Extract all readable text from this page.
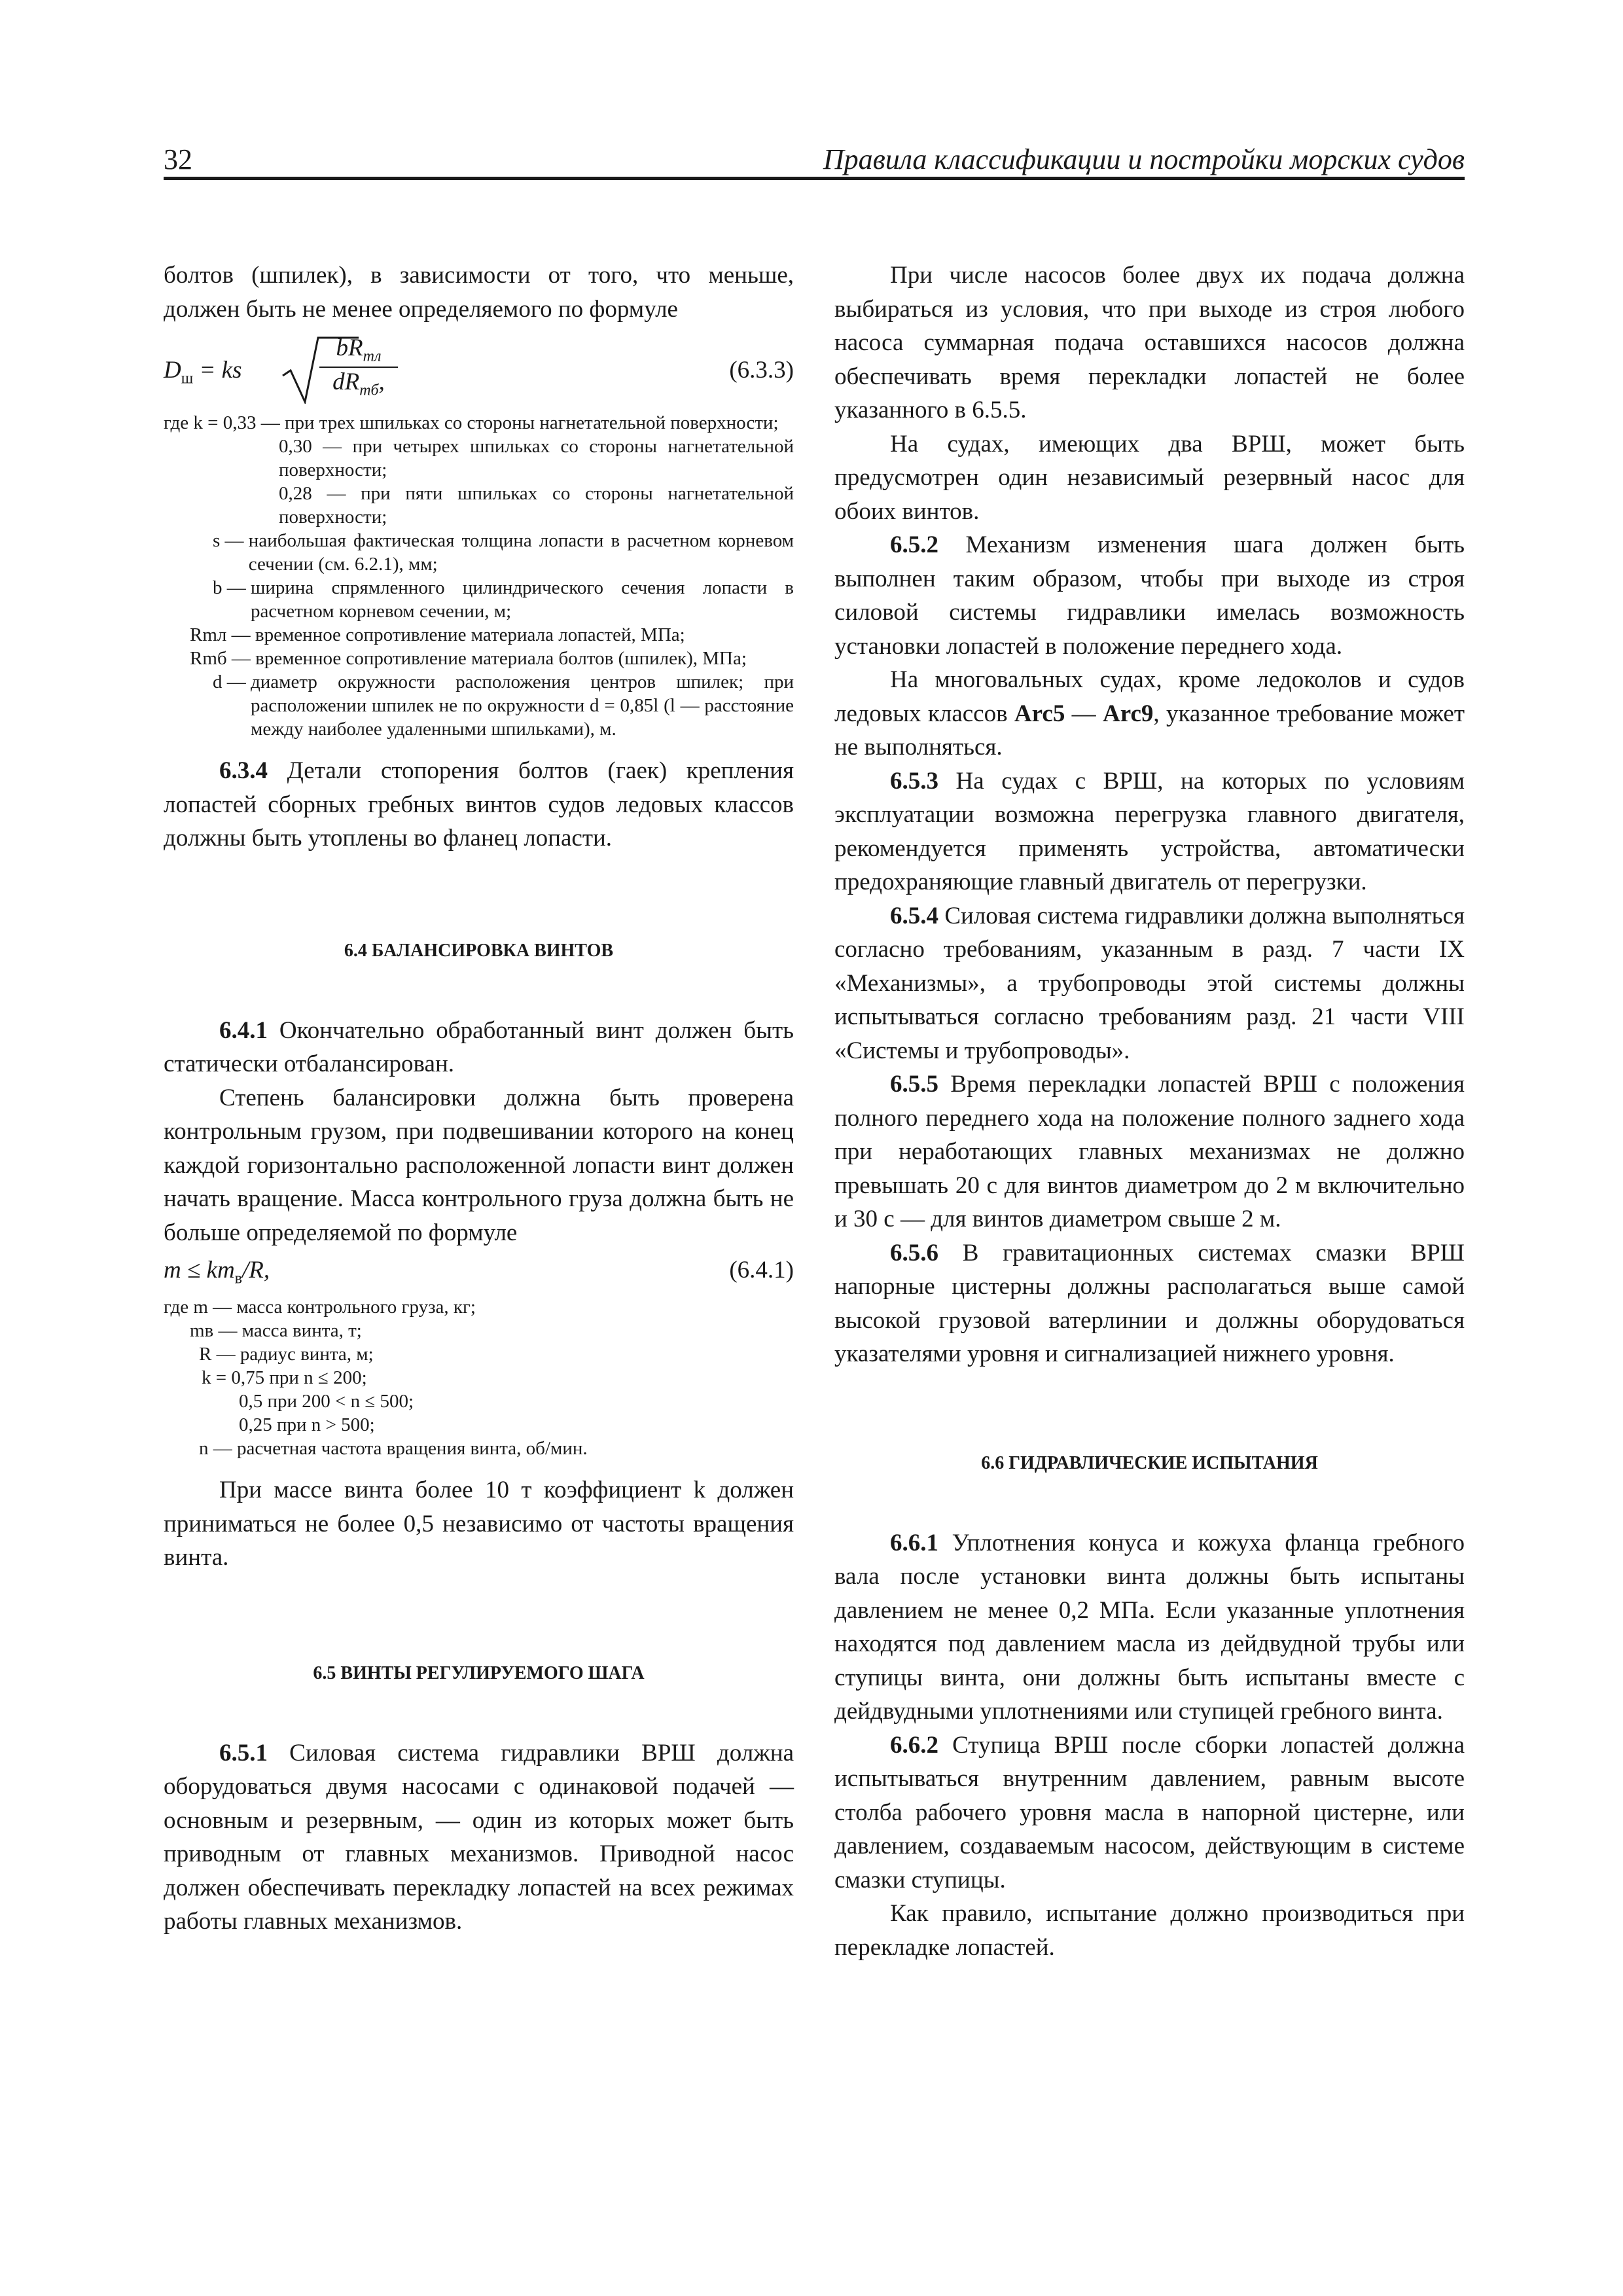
32	Правила классификации и постройки морских судов

болтов (шпилек), в зависимости от того, что меньше, должен быть не менее определяемого по формуле

$D_ш$ = ks
$bR_{mл}$
$dR_{mб}$,	(6.3.3)
где k = 0,33 — при трех шпильках со стороны нагнетательной поверхности;
0,30 — при четырех шпильках со стороны нагнетательной поверхности;
0,28 — при пяти шпильках со стороны нагнетательной поверхности;
s — наибольшая фактическая толщина лопасти в расчетном корневом сечении (см. 6.2.1), мм;
b — ширина спрямленного цилиндрического сечения лопасти в расчетном корневом сечении, м;
Rmл — временное сопротивление материала лопастей, МПа;
Rmб — временное сопротивление материала болтов (шпилек), МПа;
d — диаметр окружности расположения центров шпилек; при расположении шпилек не по окружности d = 0,85l (l — расстояние между наиболее удаленными шпильками), м.

6.3.4 Детали стопорения болтов (гаек) крепления лопастей сборных гребных винтов судов ледовых классов должны быть утоплены во фланец лопасти.

6.4 БАЛАНСИРОВКА ВИНТОВ

6.4.1 Окончательно обработанный винт должен быть статически отбалансирован.

Степень балансировки должна быть проверена контрольным грузом, при подвешивании которого на конец каждой горизонтально расположенной лопасти винт должен начать вращение. Масса контрольного груза должна быть не больше определяемой по формуле

$m \le km_в/R$,	(6.4.1)
где m — масса контрольного груза, кг;
mв — масса винта, т;
R — радиус винта, м;
k = 0,75 при n ≤ 200;
0,5 при 200 < n ≤ 500;
0,25 при n > 500;
n — расчетная частота вращения винта, об/мин.

При массе винта более 10 т коэффициент k должен приниматься не более 0,5 независимо от частоты вращения винта.

6.5 ВИНТЫ РЕГУЛИРУЕМОГО ШАГА

6.5.1 Силовая система гидравлики ВРШ должна оборудоваться двумя насосами с одинаковой подачей — основным и резервным, — один из которых может быть приводным от главных механизмов. Приводной насос должен обеспечивать перекладку лопастей на всех режимах работы главных механизмов.

При числе насосов более двух их подача должна выбираться из условия, что при выходе из строя любого насоса суммарная подача оставшихся насосов должна обеспечивать время перекладки лопастей не более указанного в 6.5.5.

На судах, имеющих два ВРШ, может быть предусмотрен один независимый резервный насос для обоих винтов.

6.5.2 Механизм изменения шага должен быть выполнен таким образом, чтобы при выходе из строя силовой системы гидравлики имелась возможность установки лопастей в положение переднего хода.

На многовальных судах, кроме ледоколов и судов ледовых классов Arc5 — Arc9, указанное требование может не выполняться.

6.5.3 На судах с ВРШ, на которых по условиям эксплуатации возможна перегрузка главного двигателя, рекомендуется применять устройства, автоматически предохраняющие главный двигатель от перегрузки.

6.5.4 Силовая система гидравлики должна выполняться согласно требованиям, указанным в разд. 7 части IX «Механизмы», а трубопроводы этой системы должны испытываться согласно требованиям разд. 21 части VIII «Системы и трубопроводы».

6.5.5 Время перекладки лопастей ВРШ с положения полного переднего хода на положение полного заднего хода при неработающих главных механизмах не должно превышать 20 с для винтов диаметром до 2 м включительно и 30 с — для винтов диаметром свыше 2 м.

6.5.6 В гравитационных системах смазки ВРШ напорные цистерны должны располагаться выше самой высокой грузовой ватерлинии и должны оборудоваться указателями уровня и сигнализацией нижнего уровня.

6.6 ГИДРАВЛИЧЕСКИЕ ИСПЫТАНИЯ

6.6.1 Уплотнения конуса и кожуха фланца гребного вала после установки винта должны быть испытаны давлением не менее 0,2 МПа. Если указанные уплотнения находятся под давлением масла из дейдвудной трубы или ступицы винта, они должны быть испытаны вместе с дейдвудными уплотнениями или ступицей гребного винта.

6.6.2 Ступица ВРШ после сборки лопастей должна испытываться внутренним давлением, равным высоте столба рабочего уровня масла в напорной цистерне, или давлением, создаваемым насосом, действующим в системе смазки ступицы.

Как правило, испытание должно производиться при перекладке лопастей.
